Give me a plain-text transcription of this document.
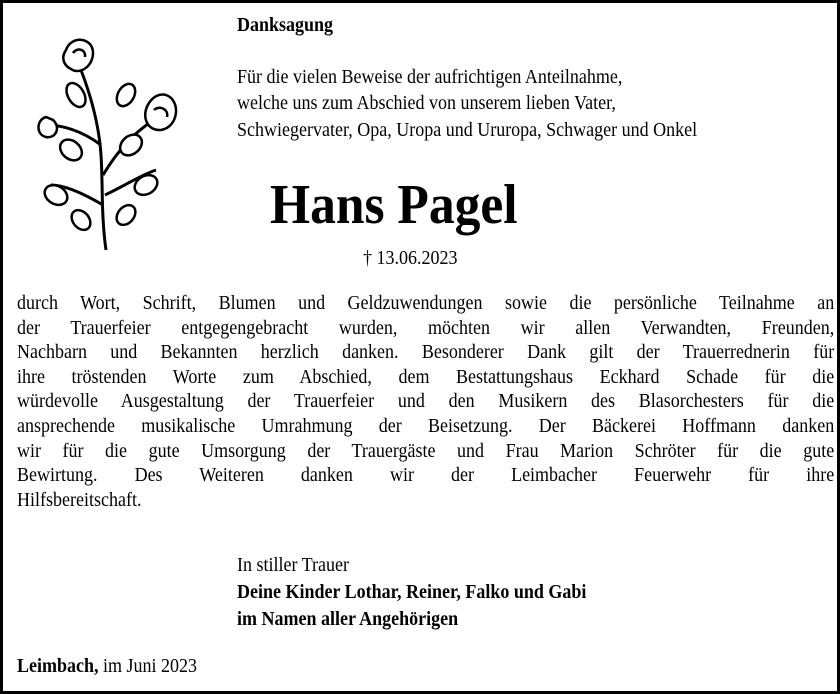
Danksagung
Für die vielen Beweise der aufrichtigen Anteilnahme,
welche uns zum Abschied von unserem lieben Vater,
Schwiegervater, Opa, Uropa und Ururopa, Schwager und Onkel
Hans Pagel
† 13.06.2023
durch Wort, Schrift, Blumen und Geldzuwendungen sowie die persönliche Teilnahme an
der Trauerfeier entgegengebracht wurden, möchten wir allen Verwandten, Freunden,
Nachbarn und Bekannten herzlich danken. Besonderer Dank gilt der Trauerrednerin für
ihre tröstenden Worte zum Abschied, dem Bestattungshaus Eckhard Schade für die
würdevolle Ausgestaltung der Trauerfeier und den Musikern des Blasorchesters für die
ansprechende musikalische Umrahmung der Beisetzung. Der Bäckerei Hoffmann danken
wir für die gute Umsorgung der Trauergäste und Frau Marion Schröter für die gute
Bewirtung. Des Weiteren danken wir der Leimbacher Feuerwehr für ihre
Hilfsbereitschaft.
In stiller Trauer
Deine Kinder Lothar, Reiner, Falko und Gabi
im Namen aller Angehörigen
Leimbach, im Juni 2023
